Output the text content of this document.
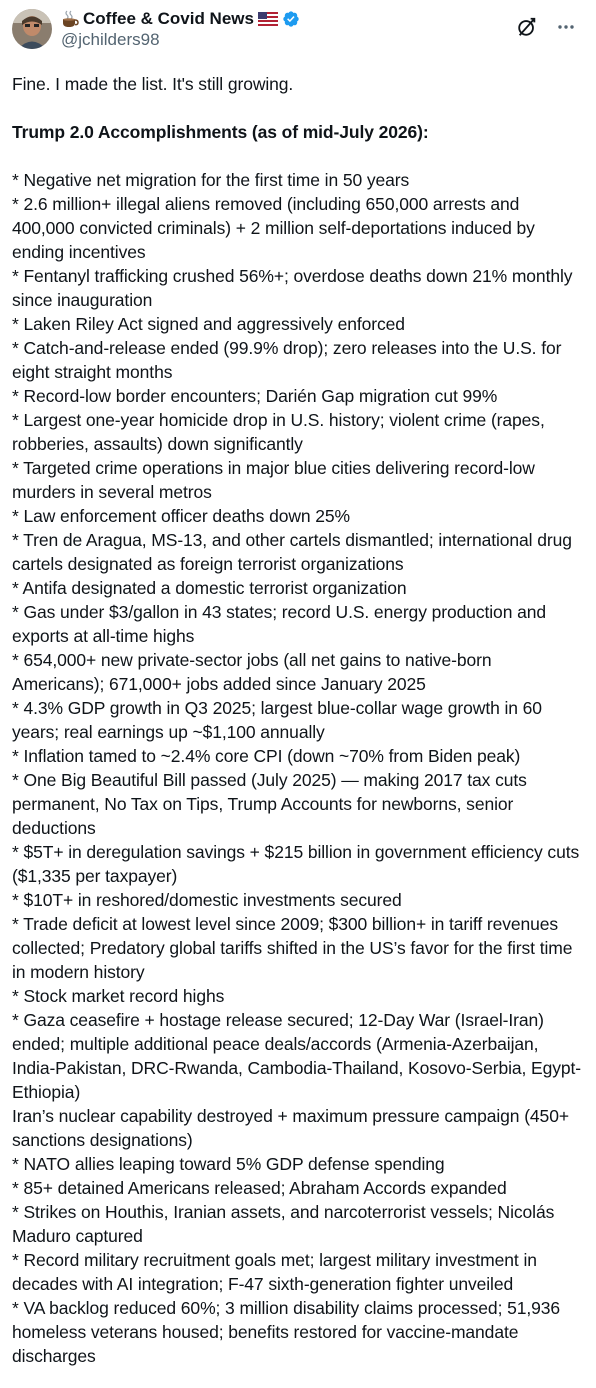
Coffee & Covid News
@jchilders98

Fine. I made the list. It's still growing.

Trump 2.0 Accomplishments (as of mid-July 2026):

* Negative net migration for the first time in 50 years

* 2.6 million+ illegal aliens removed (including 650,000 arrests and 400,000 convicted criminals) + 2 million self-deportations induced by ending incentives

* Fentanyl trafficking crushed 56%+; overdose deaths down 21% monthly since inauguration

* Laken Riley Act signed and aggressively enforced

* Catch-and-release ended (99.9% drop); zero releases into the U.S. for eight straight months

* Record-low border encounters; Darién Gap migration cut 99%

* Largest one-year homicide drop in U.S. history; violent crime (rapes, robberies, assaults) down significantly

* Targeted crime operations in major blue cities delivering record-low murders in several metros

* Law enforcement officer deaths down 25%

* Tren de Aragua, MS-13, and other cartels dismantled; international drug cartels designated as foreign terrorist organizations

* Antifa designated a domestic terrorist organization

* Gas under $3/gallon in 43 states; record U.S. energy production and exports at all-time highs

* 654,000+ new private-sector jobs (all net gains to native-born Americans); 671,000+ jobs added since January 2025

* 4.3% GDP growth in Q3 2025; largest blue-collar wage growth in 60 years; real earnings up ~$1,100 annually

* Inflation tamed to ~2.4% core CPI (down ~70% from Biden peak)

* One Big Beautiful Bill passed (July 2025) — making 2017 tax cuts permanent, No Tax on Tips, Trump Accounts for newborns, senior deductions

* $5T+ in deregulation savings + $215 billion in government efficiency cuts ($1,335 per taxpayer)

* $10T+ in reshored/domestic investments secured

* Trade deficit at lowest level since 2009; $300 billion+ in tariff revenues collected; Predatory global tariffs shifted in the US’s favor for the first time in modern history

* Stock market record highs

* Gaza ceasefire + hostage release secured; 12-Day War (Israel-Iran) ended; multiple additional peace deals/accords (Armenia-Azerbaijan, India-Pakistan, DRC-Rwanda, Cambodia-Thailand, Kosovo-Serbia, Egypt-Ethiopia)

Iran’s nuclear capability destroyed + maximum pressure campaign (450+ sanctions designations)

* NATO allies leaping toward 5% GDP defense spending

* 85+ detained Americans released; Abraham Accords expanded

* Strikes on Houthis, Iranian assets, and narcoterrorist vessels; Nicolás Maduro captured

* Record military recruitment goals met; largest military investment in decades with AI integration; F-47 sixth-generation fighter unveiled

* VA backlog reduced 60%; 3 million disability claims processed; 51,936 homeless veterans housed; benefits restored for vaccine-mandate discharges
